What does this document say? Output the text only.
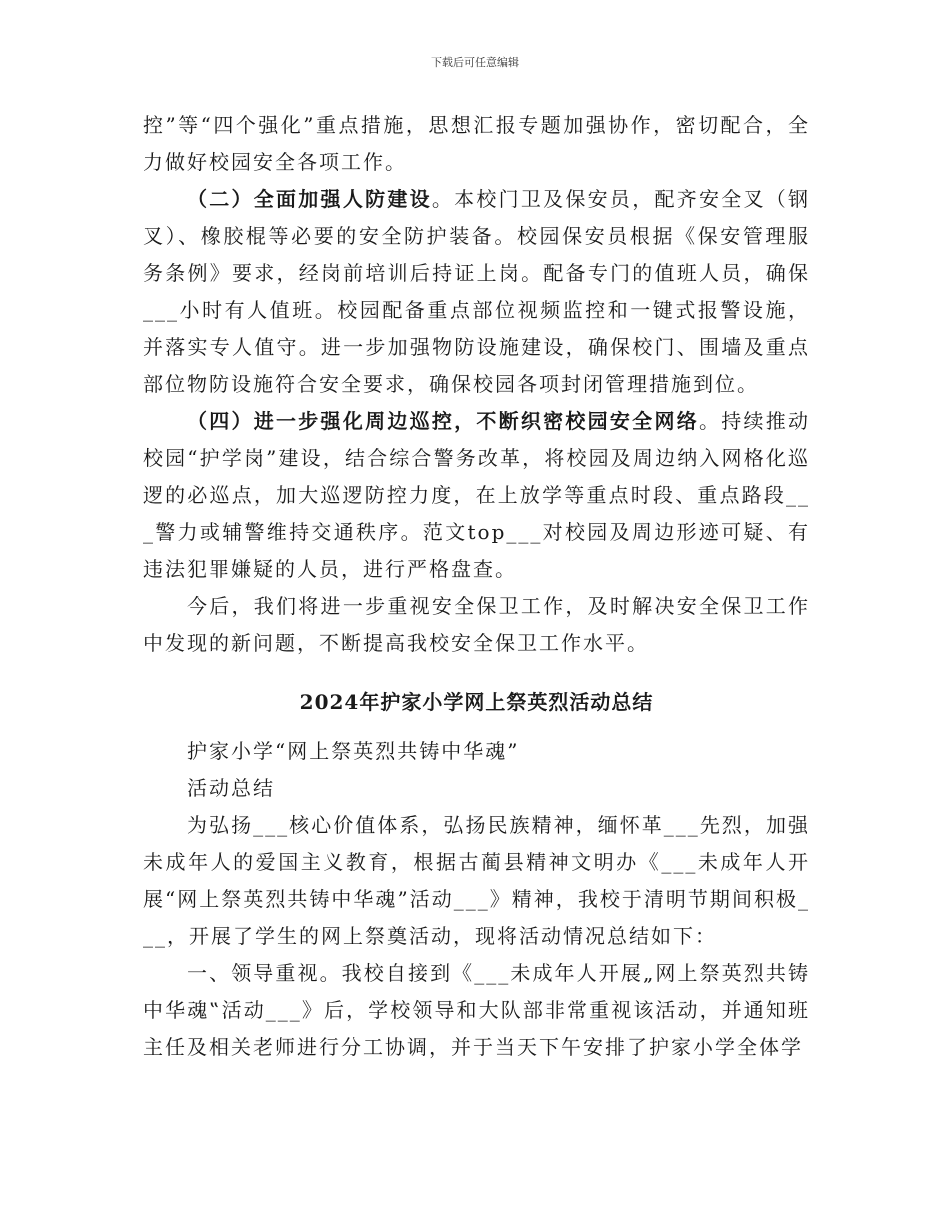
下载后可任意编辑

控”等“四个强化”重点措施，思想汇报专题加强协作，密切配合，全力做好校园安全各项工作。

（二）全面加强人防建设。本校门卫及保安员，配齐安全叉（钢叉）、橡胶棍等必要的安全防护装备。校园保安员根据《保安管理服务条例》要求，经岗前培训后持证上岗。配备专门的值班人员，确保___小时有人值班。校园配备重点部位视频监控和一键式报警设施，并落实专人值守。进一步加强物防设施建设，确保校门、围墙及重点部位物防设施符合安全要求，确保校园各项封闭管理措施到位。

（四）进一步强化周边巡控，不断织密校园安全网络。持续推动校园“护学岗”建设，结合综合警务改革，将校园及周边纳入网格化巡逻的必巡点，加大巡逻防控力度，在上放学等重点时段、重点路段___警力或辅警维持交通秩序。范文top___对校园及周边形迹可疑、有违法犯罪嫌疑的人员，进行严格盘查。

今后，我们将进一步重视安全保卫工作，及时解决安全保卫工作中发现的新问题，不断提高我校安全保卫工作水平。

2024年护家小学网上祭英烈活动总结

护家小学“网上祭英烈共铸中华魂”

活动总结

为弘扬___核心价值体系，弘扬民族精神，缅怀革___先烈，加强未成年人的爱国主义教育，根据古蔺县精神文明办《___未成年人开展“网上祭英烈共铸中华魂”活动___》精神，我校于清明节期间积极___，开展了学生的网上祭奠活动，现将活动情况总结如下：

一、领导重视。我校自接到《___未成年人开展„网上祭英烈共铸中华魂‟活动___》后，学校领导和大队部非常重视该活动，并通知班主任及相关老师进行分工协调，并于当天下午安排了护家小学全体学
